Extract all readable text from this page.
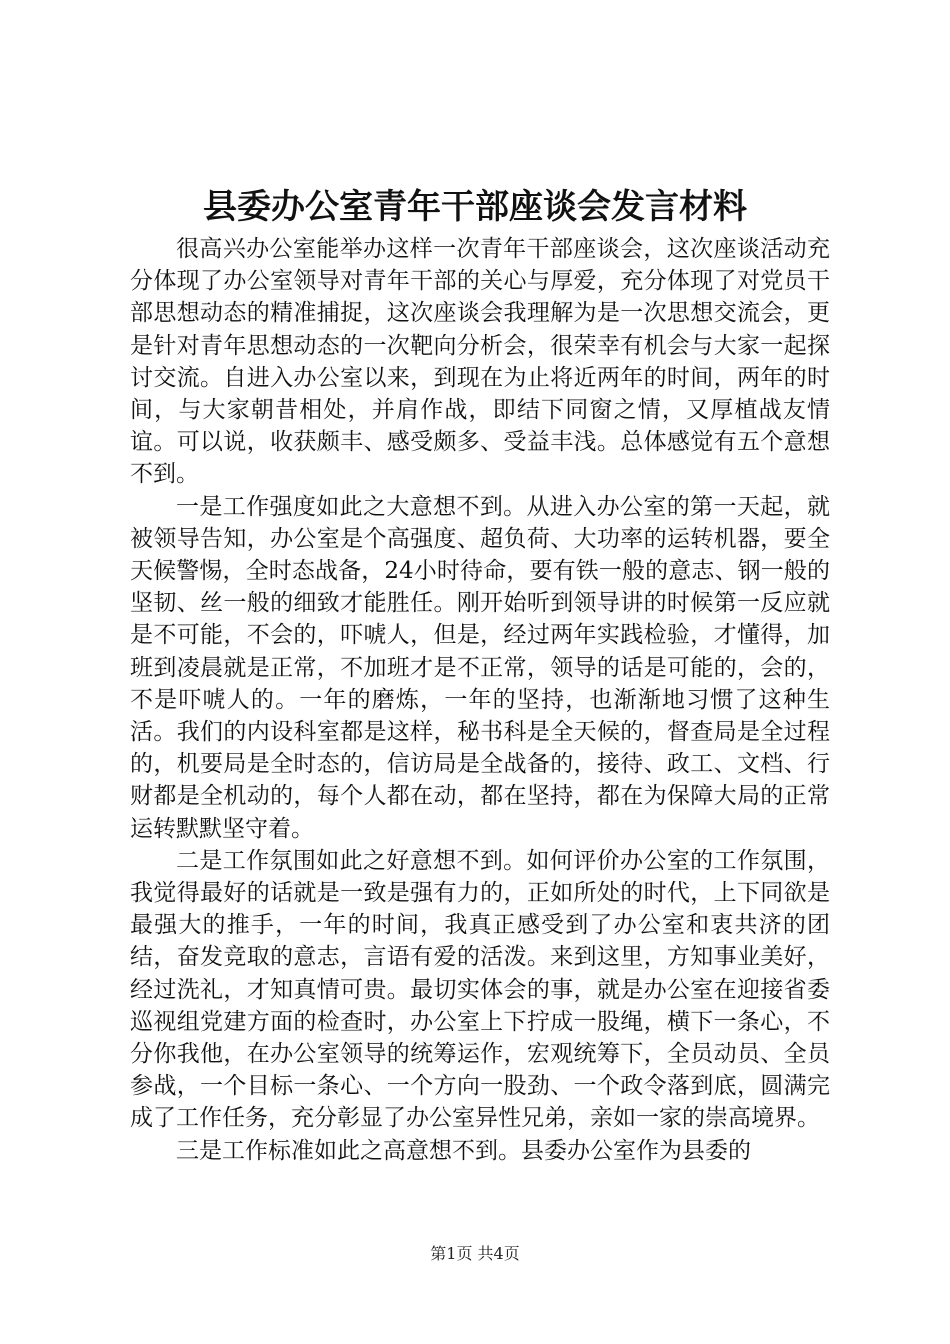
县委办公室青年干部座谈会发言材料

很高兴办公室能举办这样一次青年干部座谈会，这次座谈活动充分体现了办公室领导对青年干部的关心与厚爱，充分体现了对党员干部思想动态的精准捕捉，这次座谈会我理解为是一次思想交流会，更是针对青年思想动态的一次靶向分析会，很荣幸有机会与大家一起探讨交流。自进入办公室以来，到现在为止将近两年的时间，两年的时间，与大家朝昔相处，并肩作战，即结下同窗之情，又厚植战友情谊。可以说，收获颇丰、感受颇多、受益丰浅。总体感觉有五个意想不到。

一是工作强度如此之大意想不到。从进入办公室的第一天起，就被领导告知，办公室是个高强度、超负荷、大功率的运转机器，要全天候警惕，全时态战备，24小时待命，要有铁一般的意志、钢一般的坚韧、丝一般的细致才能胜任。刚开始听到领导讲的时候第一反应就是不可能，不会的，吓唬人，但是，经过两年实践检验，才懂得，加班到凌晨就是正常，不加班才是不正常，领导的话是可能的，会的，不是吓唬人的。一年的磨炼，一年的坚持，也渐渐地习惯了这种生活。我们的内设科室都是这样，秘书科是全天候的，督查局是全过程的，机要局是全时态的，信访局是全战备的，接待、政工、文档、行财都是全机动的，每个人都在动，都在坚持，都在为保障大局的正常运转默默坚守着。

二是工作氛围如此之好意想不到。如何评价办公室的工作氛围，我觉得最好的话就是一致是强有力的，正如所处的时代，上下同欲是最强大的推手，一年的时间，我真正感受到了办公室和衷共济的团结，奋发竞取的意志，言语有爱的活泼。来到这里，方知事业美好，经过洗礼，才知真情可贵。最切实体会的事，就是办公室在迎接省委巡视组党建方面的检查时，办公室上下拧成一股绳，横下一条心，不分你我他，在办公室领导的统筹运作，宏观统筹下，全员动员、全员参战，一个目标一条心、一个方向一股劲、一个政令落到底，圆满完成了工作任务，充分彰显了办公室异性兄弟，亲如一家的崇高境界。

三是工作标准如此之高意想不到。县委办公室作为县委的

第1页 共4页
